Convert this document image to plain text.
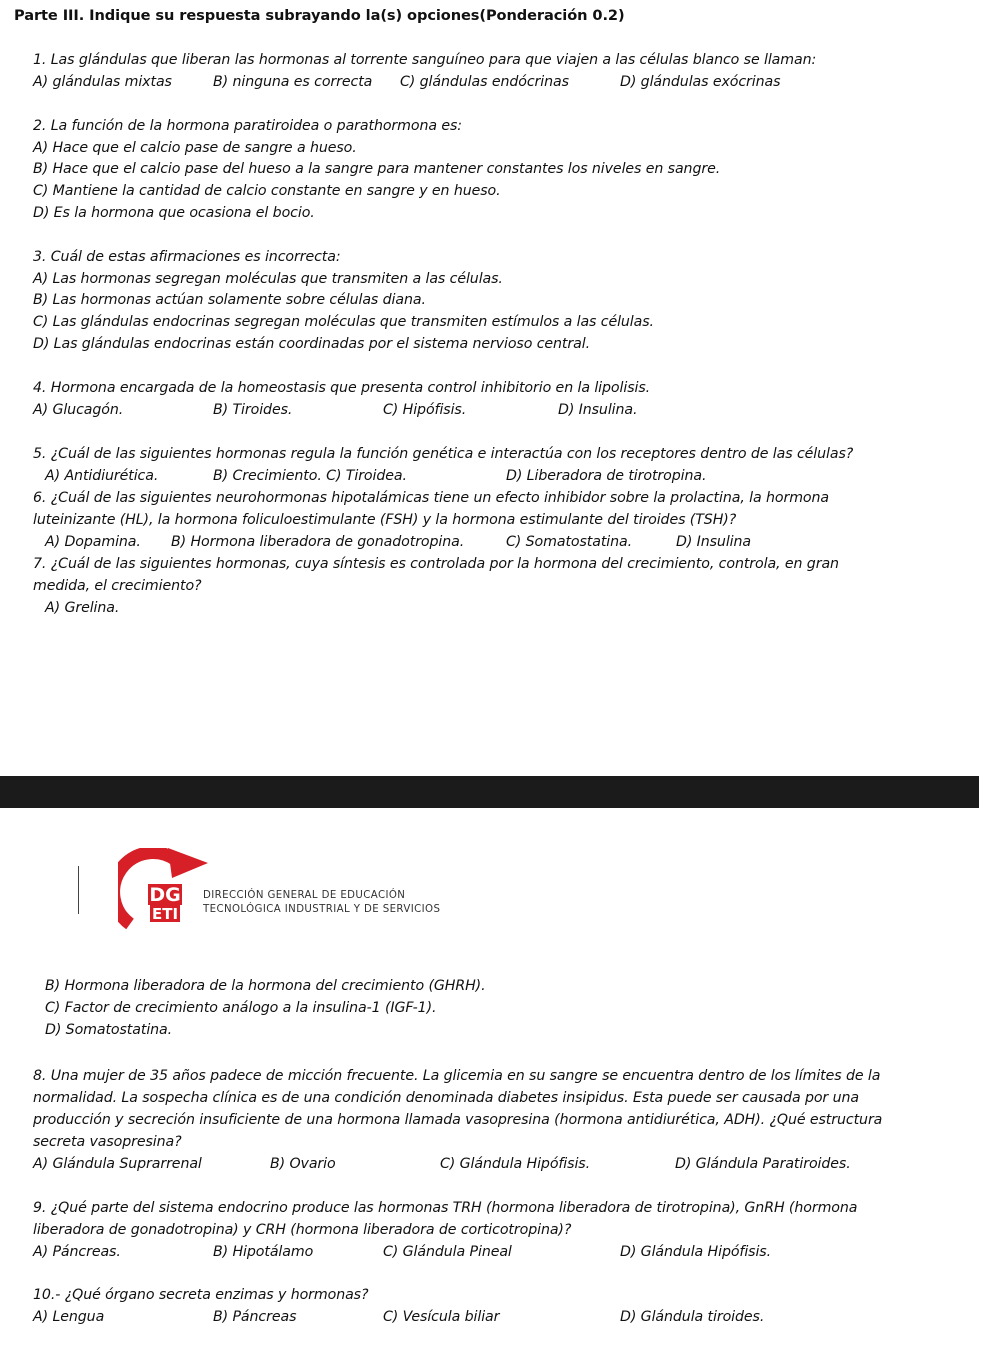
Parte III. Indique su respuesta subrayando la(s) opciones(Ponderación 0.2)
1. Las glándulas que liberan las hormonas al torrente sanguíneo para que viajen a las células blanco se llaman:
A) glándulas mixtas	B) ninguna es correcta C) glándulas endócrinas	D) glándulas exócrinas
2. La función de la hormona paratiroidea o parathormona es:
A) Hace que el calcio pase de sangre a hueso.
B) Hace que el calcio pase del hueso a la sangre para mantener constantes los niveles en sangre.
C) Mantiene la cantidad de calcio constante en sangre y en hueso.
D) Es la hormona que ocasiona el bocio.
3. Cuál de estas afirmaciones es incorrecta:
A) Las hormonas segregan moléculas que transmiten a las células.
B) Las hormonas actúan solamente sobre células diana.
C) Las glándulas endocrinas segregan moléculas que transmiten estímulos a las células.
D) Las glándulas endocrinas están coordinadas por el sistema nervioso central.
4. Hormona encargada de la homeostasis que presenta control inhibitorio en la lipolisis.
A) Glucagón.	B) Tiroides.	C) Hipófisis.	D) Insulina.
5. ¿Cuál de las siguientes hormonas regula la función genética e interactúa con los receptores dentro de las células?
A) Antidiurética.	B) Crecimiento. C) Tiroidea.	D) Liberadora de tirotropina.
6. ¿Cuál de las siguientes neurohormonas hipotalámicas tiene un efecto inhibidor sobre la prolactina, la hormona
luteinizante (HL), la hormona foliculoestimulante (FSH) y la hormona estimulante del tiroides (TSH)?
A) Dopamina. B) Hormona liberadora de gonadotropina.	C) Somatostatina.	D) Insulina
7. ¿Cuál de las siguientes hormonas, cuya síntesis es controlada por la hormona del crecimiento, controla, en gran
medida, el crecimiento?
A) Grelina.
DG
ETI
DIRECCIÓN GENERAL DE EDUCACIÓN
TECNOLÓGICA INDUSTRIAL Y DE SERVICIOS
B) Hormona liberadora de la hormona del crecimiento (GHRH).
C) Factor de crecimiento análogo a la insulina-1 (IGF-1).
D) Somatostatina.
8. Una mujer de 35 años padece de micción frecuente. La glicemia en su sangre se encuentra dentro de los límites de la
normalidad. La sospecha clínica es de una condición denominada diabetes insipidus. Esta puede ser causada por una
producción y secreción insuficiente de una hormona llamada vasopresina (hormona antidiurética, ADH). ¿Qué estructura
secreta vasopresina?
A) Glándula Suprarrenal	B) Ovario	C) Glándula Hipófisis.	D) Glándula Paratiroides.
9. ¿Qué parte del sistema endocrino produce las hormonas TRH (hormona liberadora de tirotropina), GnRH (hormona
liberadora de gonadotropina) y CRH (hormona liberadora de corticotropina)?
A) Páncreas.	B) Hipotálamo	C) Glándula Pineal	D) Glándula Hipófisis.
10.- ¿Qué órgano secreta enzimas y hormonas?
A) Lengua	B) Páncreas	C) Vesícula biliar	D) Glándula tiroides.
